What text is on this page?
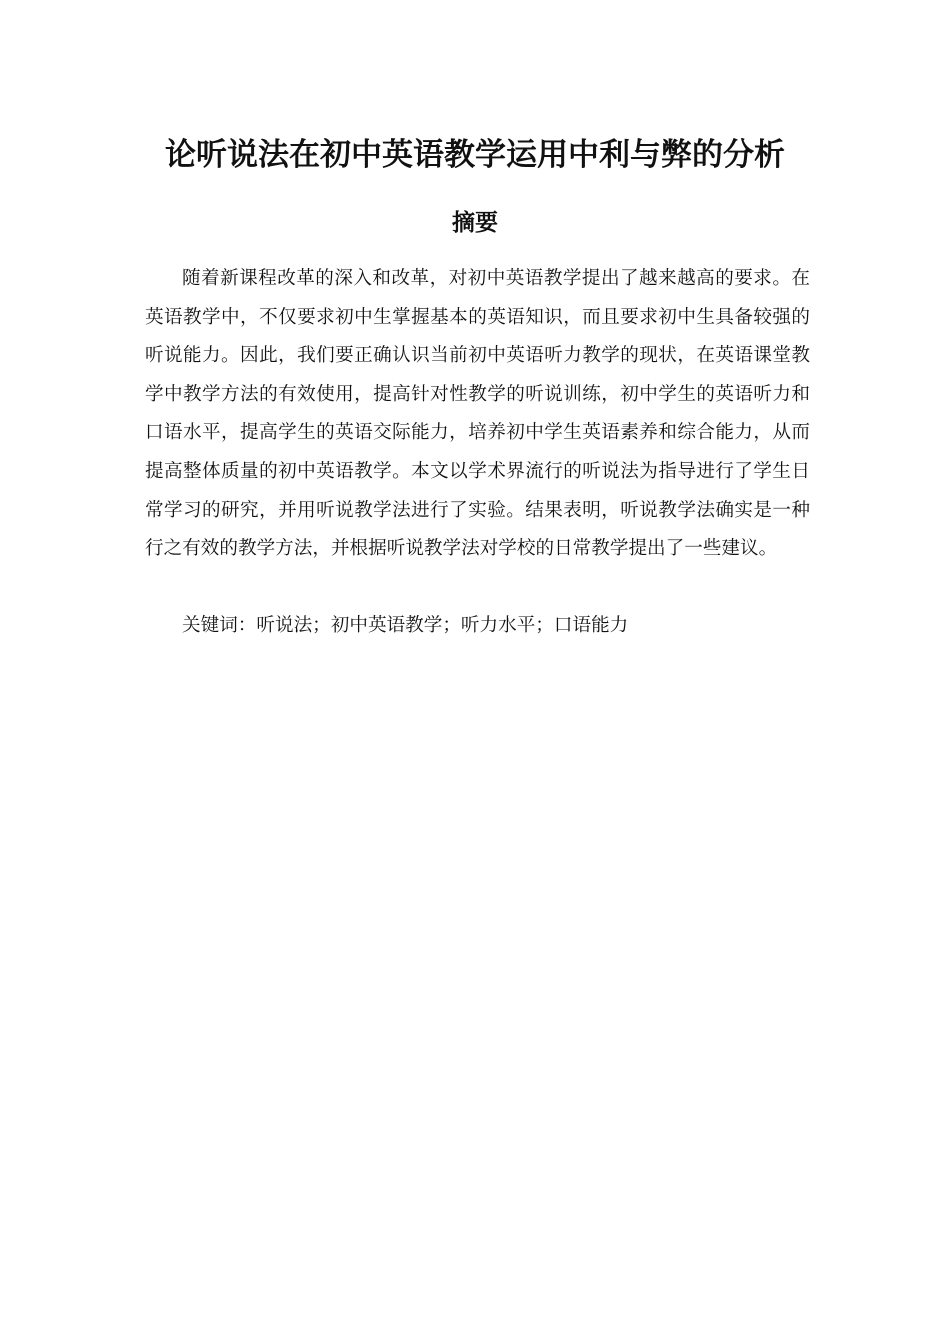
论听说法在初中英语教学运用中利与弊的分析
摘要

随着新课程改革的深入和改革，对初中英语教学提出了越来越高的要求。在英语教学中，不仅要求初中生掌握基本的英语知识，而且要求初中生具备较强的听说能力。因此，我们要正确认识当前初中英语听力教学的现状，在英语课堂教学中教学方法的有效使用，提高针对性教学的听说训练，初中学生的英语听力和口语水平，提高学生的英语交际能力，培养初中学生英语素养和综合能力，从而提高整体质量的初中英语教学。本文以学术界流行的听说法为指导进行了学生日常学习的研究，并用听说教学法进行了实验。结果表明，听说教学法确实是一种行之有效的教学方法，并根据听说教学法对学校的日常教学提出了一些建议。

关键词：听说法；初中英语教学；听力水平；口语能力
